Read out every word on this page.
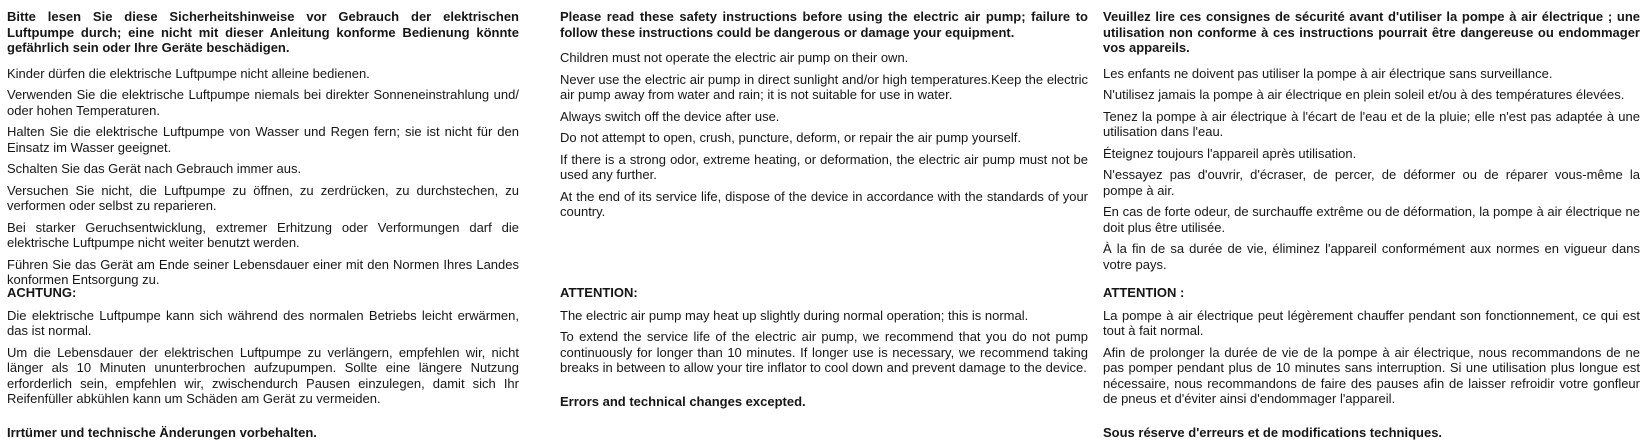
Bitte lesen Sie diese Sicherheitshinweise vor Gebrauch der elektrischen Luftpumpe durch; eine nicht mit dieser Anleitung konforme Bedienung könnte gefährlich sein oder Ihre Geräte beschädigen.

Kinder dürfen die elektrische Luftpumpe nicht alleine bedienen.

Verwenden Sie die elektrische Luftpumpe niemals bei direkter Sonneneinstrahlung und/ oder hohen Temperaturen.

Halten Sie die elektrische Luftpumpe von Wasser und Regen fern; sie ist nicht für den Einsatz im Wasser geeignet.

Schalten Sie das Gerät nach Gebrauch immer aus.

Versuchen Sie nicht, die Luftpumpe zu öffnen, zu zerdrücken, zu durchstechen, zu verformen oder selbst zu reparieren.

Bei starker Geruchsentwicklung, extremer Erhitzung oder Verformungen darf die elektrische Luftpumpe nicht weiter benutzt werden.

Führen Sie das Gerät am Ende seiner Lebensdauer einer mit den Normen Ihres Landes konformen Entsorgung zu.

ACHTUNG:

Die elektrische Luftpumpe kann sich während des normalen Betriebs leicht erwärmen, das ist normal.

Um die Lebensdauer der elektrischen Luftpumpe zu verlängern, empfehlen wir, nicht länger als 10 Minuten ununterbrochen aufzupumpen. Sollte eine längere Nutzung erforderlich sein, empfehlen wir, zwischendurch Pausen einzulegen, damit sich Ihr Reifenfüller abkühlen kann um Schäden am Gerät zu vermeiden.

Irrtümer und technische Änderungen vorbehalten.

Please read these safety instructions before using the electric air pump; failure to follow these instructions could be dangerous or damage your equipment.

Children must not operate the electric air pump on their own.

Never use the electric air pump in direct sunlight and/or high temperatures.Keep the electric air pump away from water and rain; it is not suitable for use in water.

Always switch off the device after use.

Do not attempt to open, crush, puncture, deform, or repair the air pump yourself.

If there is a strong odor, extreme heating, or deformation, the electric air pump must not be used any further.

At the end of its service life, dispose of the device in accordance with the standards of your country.

ATTENTION:

The electric air pump may heat up slightly during normal operation; this is normal.

To extend the service life of the electric air pump, we recommend that you do not pump continuously for longer than 10 minutes. If longer use is necessary, we recommend taking breaks in between to allow your tire inflator to cool down and prevent damage to the device.

Errors and technical changes excepted.

Veuillez lire ces consignes de sécurité avant d'utiliser la pompe à air électrique ; une utilisation non conforme à ces instructions pourrait être dangereuse ou endommager vos appareils.

Les enfants ne doivent pas utiliser la pompe à air électrique sans surveillance.

N'utilisez jamais la pompe à air électrique en plein soleil et/ou à des températures élevées.

Tenez la pompe à air électrique à l'écart de l'eau et de la pluie; elle n'est pas adaptée à une utilisation dans l'eau.

Éteignez toujours l'appareil après utilisation.

N'essayez pas d'ouvrir, d'écraser, de percer, de déformer ou de réparer vous-même la pompe à air.

En cas de forte odeur, de surchauffe extrême ou de déformation, la pompe à air électrique ne doit plus être utilisée.

À la fin de sa durée de vie, éliminez l'appareil conformément aux normes en vigueur dans votre pays.

ATTENTION :

La pompe à air électrique peut légèrement chauffer pendant son fonctionnement, ce qui est tout à fait normal.

Afin de prolonger la durée de vie de la pompe à air électrique, nous recommandons de ne pas pomper pendant plus de 10 minutes sans interruption. Si une utilisation plus longue est nécessaire, nous recommandons de faire des pauses afin de laisser refroidir votre gonfleur de pneus et d'éviter ainsi d'endommager l'appareil.

Sous réserve d'erreurs et de modifications techniques.
